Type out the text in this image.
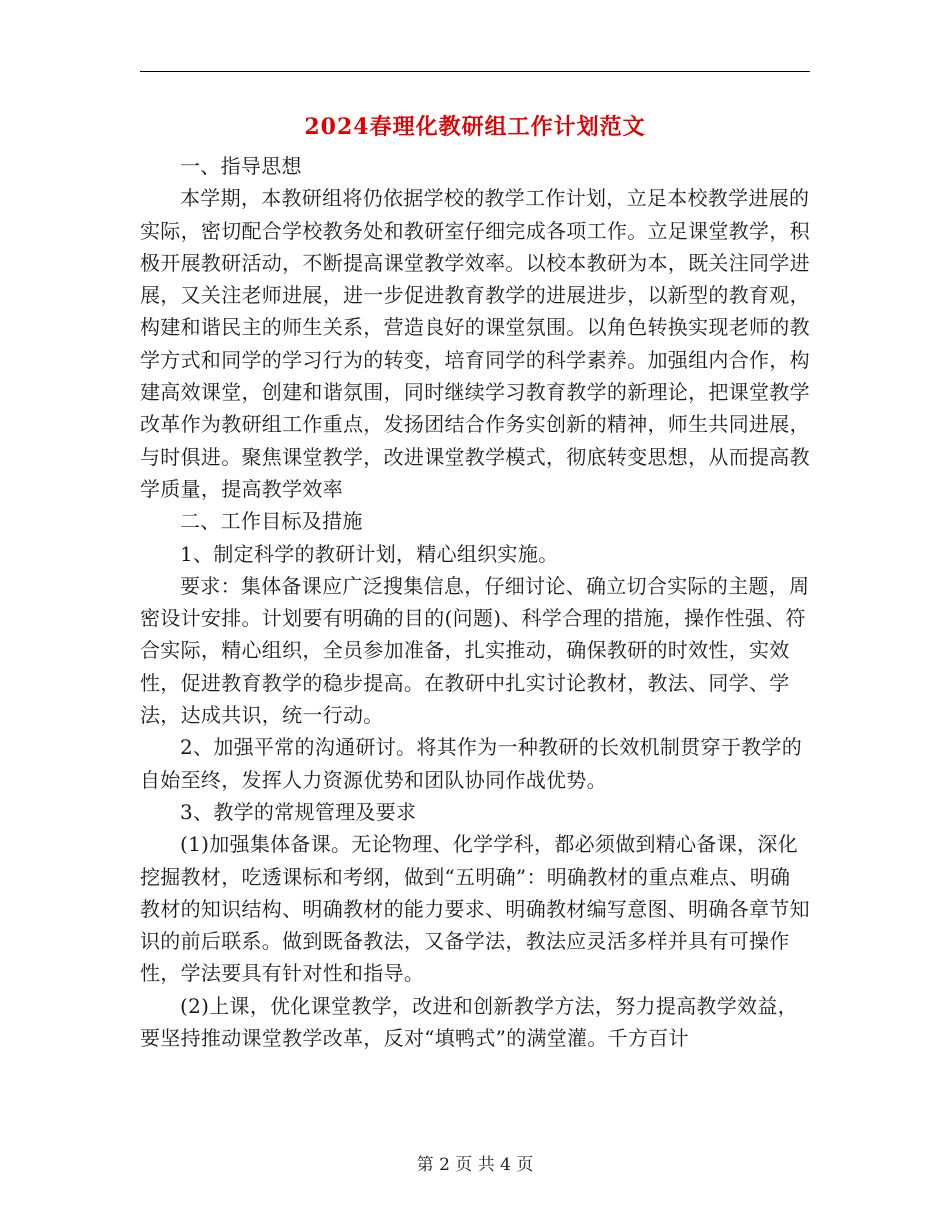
2024春理化教研组工作计划范文

一、指导思想

本学期，本教研组将仍依据学校的教学工作计划，立足本校教学进展的实际，密切配合学校教务处和教研室仔细完成各项工作。立足课堂教学，积极开展教研活动，不断提高课堂教学效率。以校本教研为本，既关注同学进展，又关注老师进展，进一步促进教育教学的进展进步，以新型的教育观，构建和谐民主的师生关系，营造良好的课堂氛围。以角色转换实现老师的教学方式和同学的学习行为的转变，培育同学的科学素养。加强组内合作，构建高效课堂，创建和谐氛围，同时继续学习教育教学的新理论，把课堂教学改革作为教研组工作重点，发扬团结合作务实创新的精神，师生共同进展，与时俱进。聚焦课堂教学，改进课堂教学模式，彻底转变思想，从而提高教学质量，提高教学效率

二、工作目标及措施

1、制定科学的教研计划，精心组织实施。

要求：集体备课应广泛搜集信息，仔细讨论、确立切合实际的主题，周密设计安排。计划要有明确的目的(问题)、科学合理的措施，操作性强、符合实际，精心组织，全员参加准备，扎实推动，确保教研的时效性，实效性，促进教育教学的稳步提高。在教研中扎实讨论教材，教法、同学、学法，达成共识，统一行动。

2、加强平常的沟通研讨。将其作为一种教研的长效机制贯穿于教学的自始至终，发挥人力资源优势和团队协同作战优势。

3、教学的常规管理及要求

(1)加强集体备课。无论物理、化学学科，都必须做到精心备课，深化挖掘教材，吃透课标和考纲，做到“五明确”：明确教材的重点难点、明确教材的知识结构、明确教材的能力要求、明确教材编写意图、明确各章节知识的前后联系。做到既备教法，又备学法，教法应灵活多样并具有可操作性，学法要具有针对性和指导。

(2)上课，优化课堂教学，改进和创新教学方法，努力提高教学效益，要坚持推动课堂教学改革，反对“填鸭式”的满堂灌。千方百计

第 2 页 共 4 页
